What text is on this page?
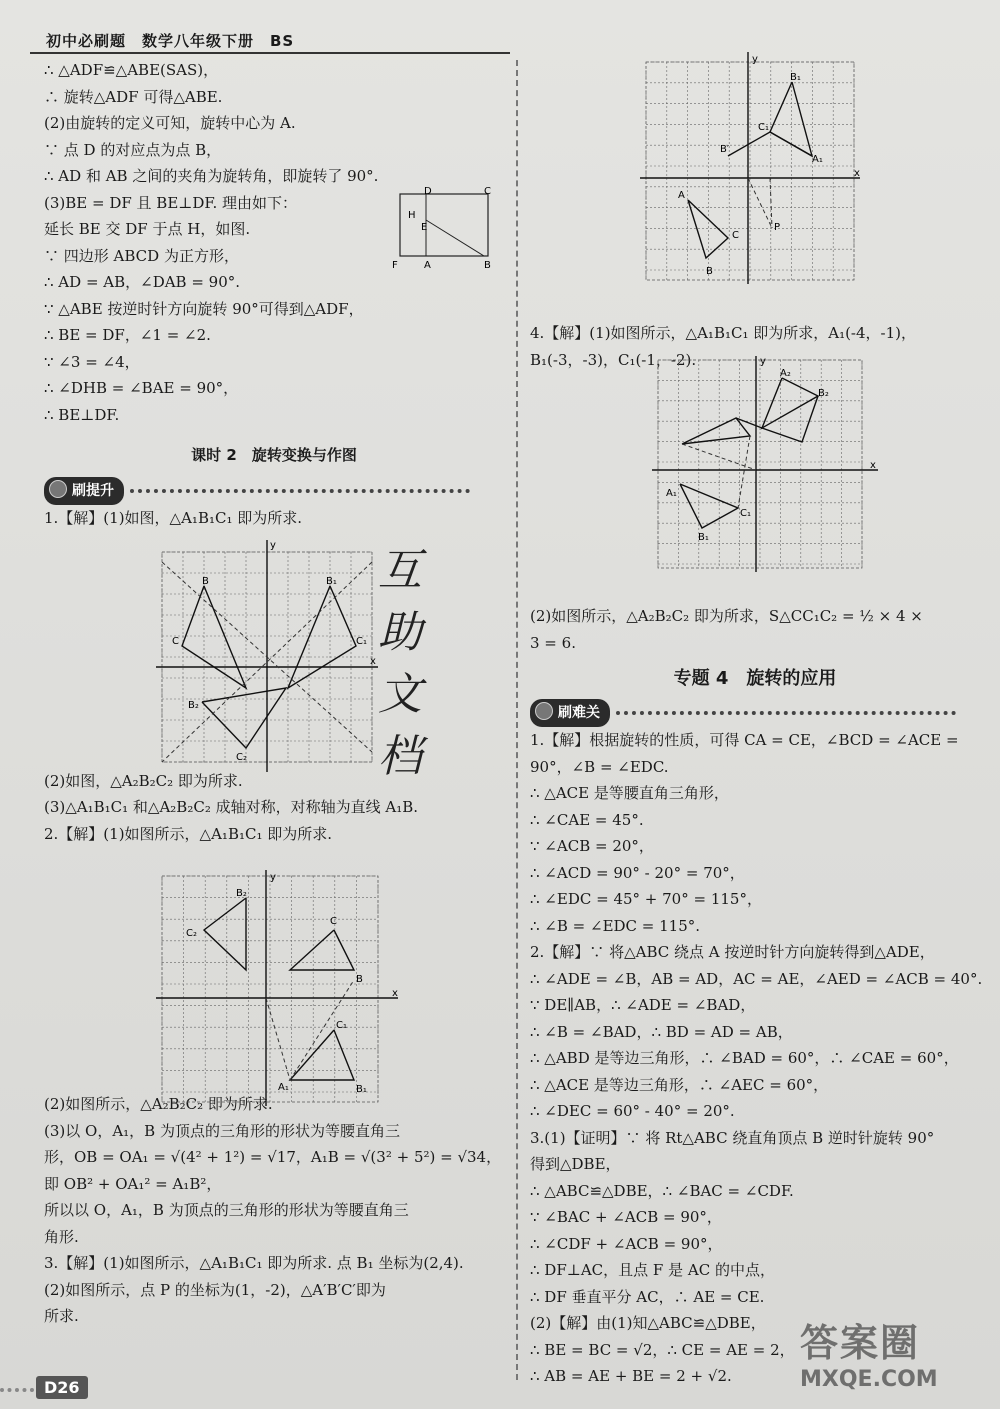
初中必刷题　数学八年级下册　BS
∴ △ADF≌△ABE(SAS)，
∴ 旋转△ADF 可得△ABE.
(2)由旋转的定义可知，旋转中心为 A.
∵ 点 D 的对应点为点 B，
∴ AD 和 AB 之间的夹角为旋转角，即旋转了 90°.
(3)BE = DF 且 BE⊥DF. 理由如下：
延长 BE 交 DF 于点 H，如图.
∵ 四边形 ABCD 为正方形，
∴ AD = AB，∠DAB = 90°.
∵ △ABE 按逆时针方向旋转 90°可得到△ADF，
∴ BE = DF，∠1 = ∠2.
∵ ∠3 = ∠4，
∴ ∠DHB = ∠BAE = 90°，
∴ BE⊥DF.
课时 2　旋转变换与作图
刷提升
1.【解】(1)如图，△A₁B₁C₁ 即为所求.
(2)如图，△A₂B₂C₂ 即为所求.
(3)△A₁B₁C₁ 和△A₂B₂C₂ 成轴对称，对称轴为直线 A₁B.
2.【解】(1)如图所示，△A₁B₁C₁ 即为所求.
(2)如图所示，△A₂B₂C₂ 即为所求.
(3)以 O，A₁，B 为顶点的三角形的形状为等腰直角三
形，OB = OA₁ = √(4² + 1²) = √17，A₁B = √(3² + 5²) = √34，
即 OB² + OA₁² = A₁B²，
所以以 O，A₁，B 为顶点的三角形的形状为等腰直角三
角形.
3.【解】(1)如图所示，△A₁B₁C₁ 即为所求. 点 B₁ 坐标为(2,4).
(2)如图所示，点 P 的坐标为(1，-2)，△A′B′C′即为
所求.
D	C
F	A	B
H
E
B	B₁
C	C₁
B₂
C₂
y
x
B₂
C₂
C
B
C₁
A₁	B₁
x
y
互
助
文
档
B₁
C₁
B′
A₁
A
C
B
P
x
y
4.【解】(1)如图所示，△A₁B₁C₁ 即为所求，A₁(-4，-1)，
B₁(-3，-3)，C₁(-1，-2).
(2)如图所示，△A₂B₂C₂ 即为所求，S△CC₁C₂ = ½ × 4 ×
3 = 6.
专题 4　旋转的应用
刷难关
1.【解】根据旋转的性质，可得 CA = CE，∠BCD = ∠ACE =
90°，∠B = ∠EDC.
∴ △ACE 是等腰直角三角形，
∴ ∠CAE = 45°.
∵ ∠ACB = 20°，
∴ ∠ACD = 90° - 20° = 70°，
∴ ∠EDC = 45° + 70° = 115°，
∴ ∠B = ∠EDC = 115°.
2.【解】∵ 将△ABC 绕点 A 按逆时针方向旋转得到△ADE，
∴ ∠ADE = ∠B，AB = AD，AC = AE，∠AED = ∠ACB = 40°.
∵ DE∥AB，∴ ∠ADE = ∠BAD，
∴ ∠B = ∠BAD，∴ BD = AD = AB，
∴ △ABD 是等边三角形，∴ ∠BAD = 60°，∴ ∠CAE = 60°，
∴ △ACE 是等边三角形，∴ ∠AEC = 60°，
∴ ∠DEC = 60° - 40° = 20°.
3.(1)【证明】∵ 将 Rt△ABC 绕直角顶点 B 逆时针旋转 90°
得到△DBE，
∴ △ABC≌△DBE，∴ ∠BAC = ∠CDF.
∵ ∠BAC + ∠ACB = 90°，
∴ ∠CDF + ∠ACB = 90°，
∴ DF⊥AC，且点 F 是 AC 的中点，
∴ DF 垂直平分 AC，∴ AE = CE.
(2)【解】由(1)知△ABC≌△DBE，
∴ BE = BC = √2，∴ CE = AE = 2，
∴ AB = AE + BE = 2 + √2.
A₂
B₂
C₁
A₁
B₁
x
y
D26
答案圈
MXQE.COM
